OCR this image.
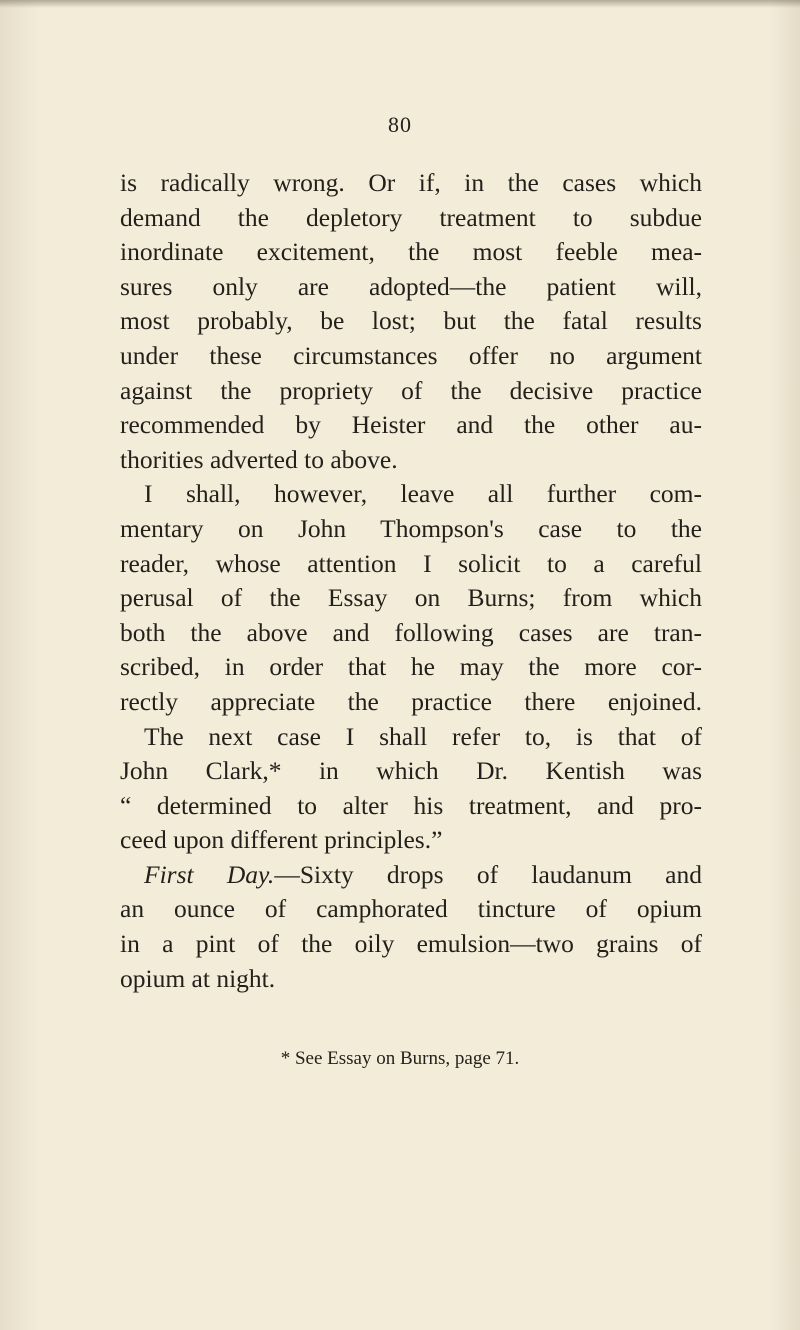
80

is radically wrong. Or if, in the cases which
demand the depletory treatment to subdue
inordinate excitement, the most feeble mea-
sures only are adopted—the patient will,
most probably, be lost; but the fatal results
under these circumstances offer no argument
against the propriety of the decisive practice
recommended by Heister and the other au-
thorities adverted to above.

I shall, however, leave all further com-
mentary on John Thompson's case to the
reader, whose attention I solicit to a careful
perusal of the Essay on Burns; from which
both the above and following cases are tran-
scribed, in order that he may the more cor-
rectly appreciate the practice there enjoined.

The next case I shall refer to, is that of
John Clark,* in which Dr. Kentish was
“ determined to alter his treatment, and pro-
ceed upon different principles.”

First Day.—Sixty drops of laudanum and
an ounce of camphorated tincture of opium
in a pint of the oily emulsion—two grains of
opium at night.

* See Essay on Burns, page 71.
